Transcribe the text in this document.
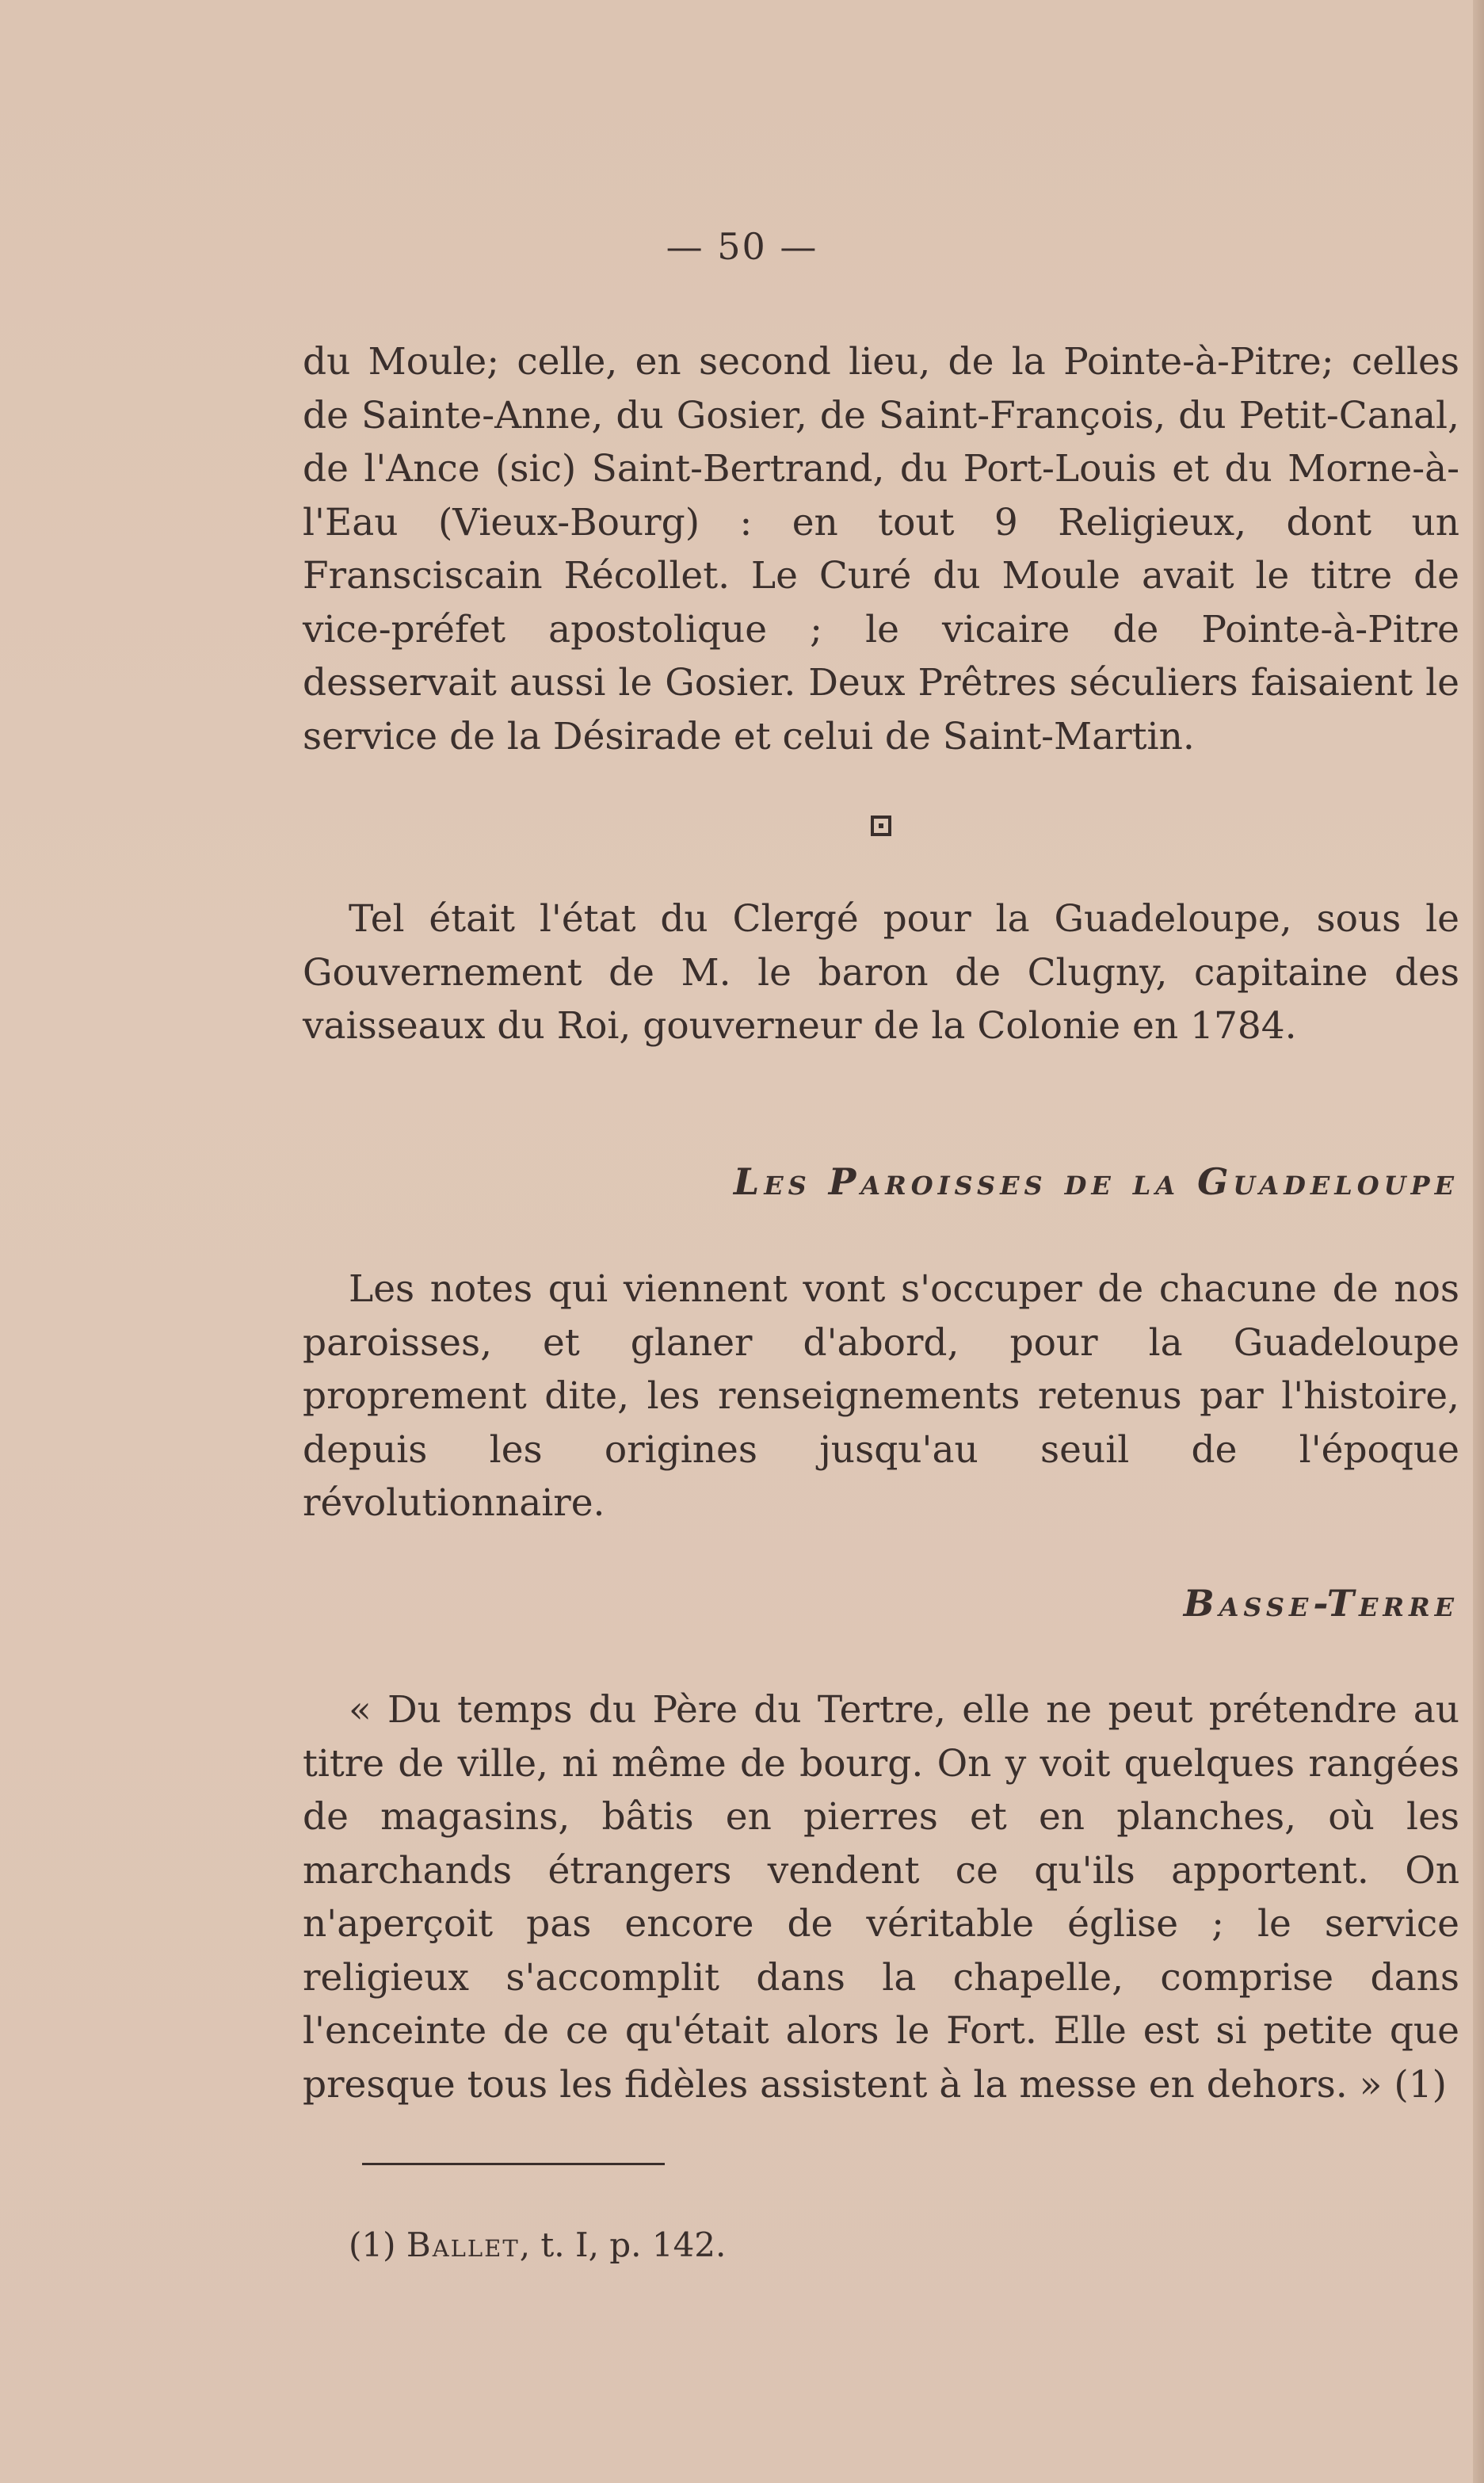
— 50 —

du Moule; celle, en second lieu, de la Pointe-à-Pitre; celles de Sainte-Anne, du Gosier, de Saint-François, du Petit-Canal, de l'Ance (sic) Saint-Bertrand, du Port-Louis et du Morne-à-l'Eau (Vieux-Bourg) : en tout 9 Religieux, dont un Fransciscain Récollet. Le Curé du Moule avait le titre de vice-préfet apostolique ; le vicaire de Pointe-à-Pitre desservait aussi le Gosier. Deux Prêtres séculiers faisaient le service de la Désirade et celui de Saint-Martin.

Tel était l'état du Clergé pour la Guadeloupe, sous le Gouvernement de M. le baron de Clugny, capitaine des vaisseaux du Roi, gouverneur de la Colonie en 1784.

Les Paroisses de la Guadeloupe

Les notes qui viennent vont s'occuper de chacune de nos paroisses, et glaner d'abord, pour la Guadeloupe proprement dite, les renseignements retenus par l'histoire, depuis les origines jusqu'au seuil de l'époque révolutionnaire.

Basse-Terre

« Du temps du Père du Tertre, elle ne peut prétendre au titre de ville, ni même de bourg. On y voit quelques rangées de magasins, bâtis en pierres et en planches, où les marchands étrangers vendent ce qu'ils apportent. On n'aperçoit pas encore de véritable église ; le service religieux s'accomplit dans la chapelle, comprise dans l'enceinte de ce qu'était alors le Fort. Elle est si petite que presque tous les fidèles assistent à la messe en dehors. » (1)

(1) Ballet, t. I, p. 142.
